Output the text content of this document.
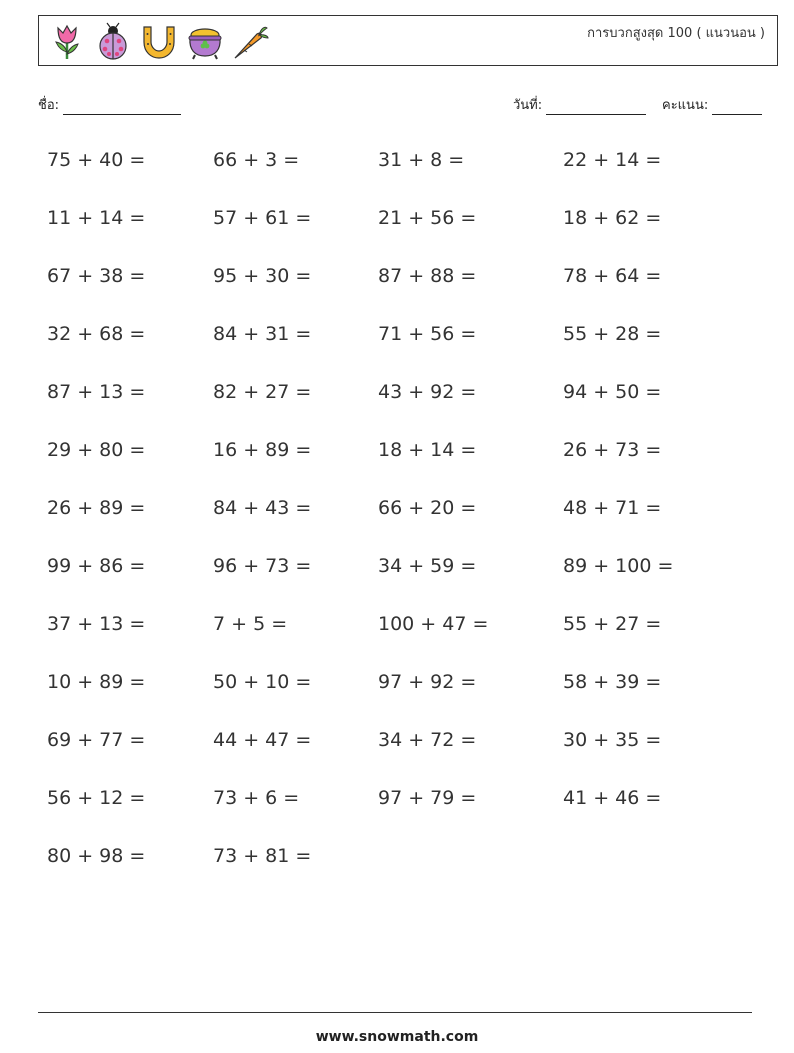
การบวกสูงสุด 100 ( แนวนอน )
ชื่อ:	วันที่:	คะแนน:
75 + 40 =	66 + 3 =	31 + 8 =	22 + 14 =
11 + 14 =	57 + 61 =	21 + 56 =	18 + 62 =
67 + 38 =	95 + 30 =	87 + 88 =	78 + 64 =
32 + 68 =	84 + 31 =	71 + 56 =	55 + 28 =
87 + 13 =	82 + 27 =	43 + 92 =	94 + 50 =
29 + 80 =	16 + 89 =	18 + 14 =	26 + 73 =
26 + 89 =	84 + 43 =	66 + 20 =	48 + 71 =
99 + 86 =	96 + 73 =	34 + 59 =	89 + 100 =
37 + 13 =	7 + 5 =	100 + 47 =	55 + 27 =
10 + 89 =	50 + 10 =	97 + 92 =	58 + 39 =
69 + 77 =	44 + 47 =	34 + 72 =	30 + 35 =
56 + 12 =	73 + 6 =	97 + 79 =	41 + 46 =
80 + 98 =	73 + 81 =
www.snowmath.com
